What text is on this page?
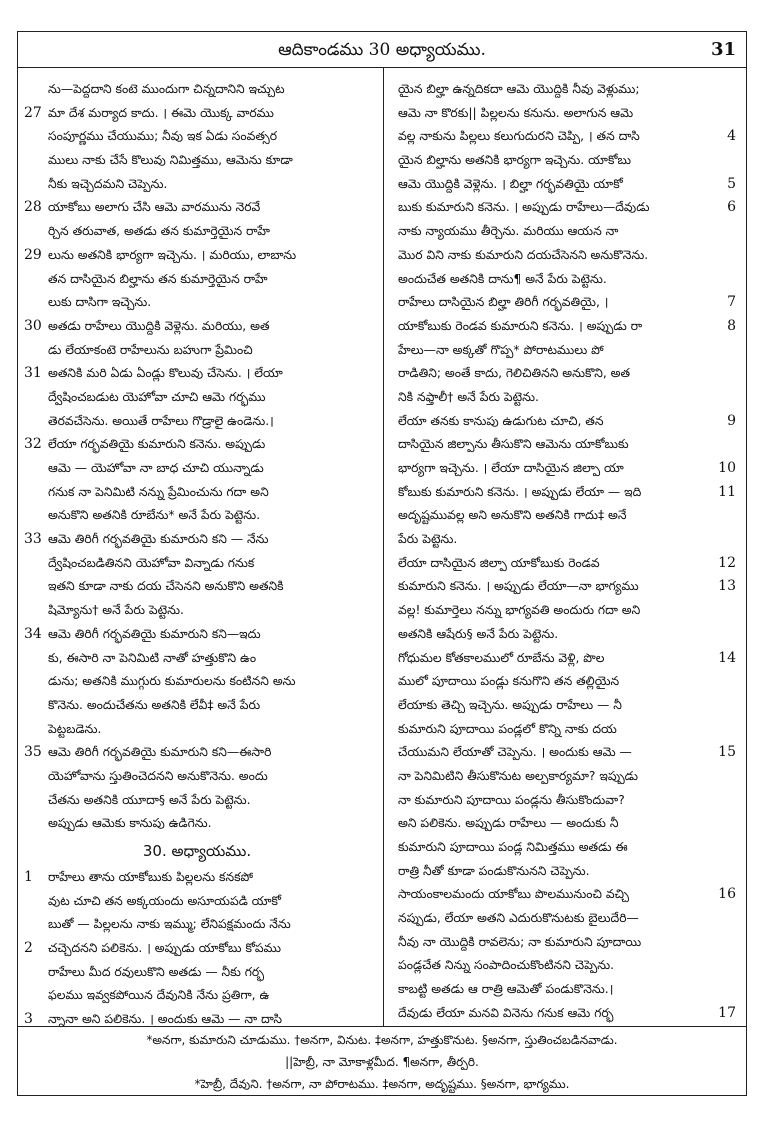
ఆదికాండము 30 అధ్యాయము.	31
ను—పెద్దదాని కంటె ముందుగా చిన్నదానిని ఇచ్చుట
27 మా దేశ మర్యాద కాదు. । ఈమె యొక్క వారము
సంపూర్ణము చేయుము; నీవు ఇక ఏడు సంవత్సర
ములు నాకు చేసే కొలువు నిమిత్తము, ఆమెను కూడా
నీకు ఇచ్చెదమని చెప్పెను.
28 యాకోబు అలాగు చేసి ఆమె వారమును నెరవే
ర్చిన తరువాత, అతడు తన కుమార్తెయైన రాహే
29 లును అతనికి భార్యగా ఇచ్చెను. । మరియు, లాబాను
తన దాసియైన బిల్హాను తన కుమార్తెయైన రాహే
లుకు దాసిగా ఇచ్చెను.
30 అతడు రాహేలు యొద్దికి వెళ్లెను. మరియు, అత
డు లేయాకంటె రాహేలును బహుగా ప్రేమించి
31 అతనికి మరి ఏడు ఏండ్లు కొలువు చేసెను. । లేయా
ద్వేషించబడుట యెహోవా చూచి ఆమె గర్భము
తెరవచేసెను. అయితే రాహేలు గొడ్రాలై ఉండెను.।
32 లేయా గర్భవతియై కుమారుని కనెను. అప్పుడు
ఆమె — యెహోవా నా బాధ చూచి యున్నాడు
గనుక నా పెనిమిటి నన్ను ప్రేమించును గదా అని
అనుకొని అతనికి రూబేను* అనే పేరు పెట్టెను.
33 ఆమె తిరిగీ గర్భవతియై కుమారుని కని — నేను
ద్వేషించబడితినని యెహోవా విన్నాడు గనుక
ఇతని కూడా నాకు దయ చేసెనని అనుకొని అతనికి
షిమ్యోను† అనే పేరు పెట్టెను.
34 ఆమె తిరిగీ గర్భవతియై కుమారుని కని—ఇదు
కు, ఈసారి నా పెనిమిటి నాతో హత్తుకొని ఉం
డును; అతనికి ముగ్గురు కుమారులను కంటినని అను
కొనెను. అందుచేతను అతనికి లేవీ‡ అనే పేరు
పెట్టబడెను.
35 ఆమె తిరిగీ గర్భవతియై కుమారుని కని—ఈసారి
యెహోవాను స్తుతించెదనని అనుకొనెను. అందు
చేతను అతనికి యూదా§ అనే పేరు పెట్టెను.
అప్పుడు ఆమెకు కానుపు ఉడిగెను.
30. అధ్యాయము.
1	రాహేలు తాను యాకోబుకు పిల్లలను కనకపో
వుట చూచి తన అక్కయందు అసూయపడి యాకో
బుతో — పిల్లలను నాకు ఇమ్ము; లేనిపక్షమందు నేను
2	చచ్చెదనని పలికెను. । అప్పుడు యాకోబు కోపము
రాహేలు మీద రవులుకొని అతడు — నీకు గర్భ
ఫలము ఇవ్వకపోయిన దేవునికి నేను ప్రతిగా, ఉ
3	న్నానా అని పలికెను. । అందుకు ఆమె — నా దాసి
యైన బిల్హా ఉన్నదికదా ఆమె యొద్దికి నీవు వెళ్లుము;
ఆమె నా కొరకు|| పిల్లలను కనును. అలాగున ఆమె
4
వల్ల నాకును పిల్లలు కలుగుదురని చెప్పి, । తన దాసి
యైన బిల్హాను అతనికి భార్యగా ఇచ్చెను. యాకోబు
5
ఆమె యొద్దికి వెళ్లెను. । బిల్హా గర్భవతియై యాకో
6
బుకు కుమారుని కనెను. । అప్పుడు రాహేలు—దేవుడు
నాకు న్యాయము తీర్చెను. మరియు ఆయన నా
మొర విని నాకు కుమారుని దయచేసెనని అనుకొనెను.
అందుచేత అతనికి దాను¶ అనే పేరు పెట్టెను.
7
రాహేలు దాసియైన బిల్హా తిరిగీ గర్భవతియై, ।
8
యాకోబుకు రెండవ కుమారుని కనెను. । అప్పుడు రా
హేలు—నా అక్కతో గొప్ప* పోరాటములు పో
రాడితిని; అంతే కాదు, గెలిచితినని అనుకొని, అత
నికి నఫ్తాలీ† అనే పేరు పెట్టెను.
9
లేయా తనకు కానుపు ఉడుగుట చూచి, తన
దాసియైన జిల్పాను తీసుకొని ఆమెను యాకోబుకు
10
భార్యగా ఇచ్చెను. । లేయా దాసియైన జిల్పా యా
11
కోబుకు కుమారుని కనెను. । అప్పుడు లేయా — ఇది
అదృష్టమువల్ల అని అనుకొని అతనికి గాదు‡ అనే
పేరు పెట్టెను.
12
లేయా దాసియైన జిల్పా యాకోబుకు రెండవ
13
కుమారుని కనెను. । అప్పుడు లేయా—నా భాగ్యము
వల్ల! కుమార్తెలు నన్ను భాగ్యవతి అందురు గదా అని
అతనికి ఆషేరు§ అనే పేరు పెట్టెను.
14
గోధుమల కోతకాలములో రూబేను వెళ్లి, పొల
ములో పూదాయి పండ్లు కనుగొని తన తల్లియైన
లేయాకు తెచ్చి ఇచ్చెను. అప్పుడు రాహేలు — నీ
కుమారుని పూదాయి పండ్లలో కొన్ని నాకు దయ
15
చేయుమని లేయాతో చెప్పెను. । అందుకు ఆమె —
నా పెనిమిటిని తీసుకొనుట అల్పకార్యమా? ఇప్పుడు
నా కుమారుని పూదాయి పండ్లను తీసుకొందువా?
అని పలికెను. అప్పుడు రాహేలు — అందుకు నీ
కుమారుని పూదాయి పండ్ల నిమిత్తము అతడు ఈ
రాత్రి నీతో కూడా పండుకొనునని చెప్పెను.
16
సాయంకాలమందు యాకోబు పొలమునుంచి వచ్చి
నప్పుడు, లేయా అతని ఎదురుకొనుటకు బైలుదేరి—
నీవు నా యొద్దికి రావలెను; నా కుమారుని పూదాయి
పండ్లచేత నిన్ను సంపాదించుకొంటినని చెప్పెను.
కాబట్టి అతడు ఆ రాత్రి ఆమెతో పండుకొనెను.।
17
దేవుడు లేయా మనవి వినెను గనుక ఆమె గర్భ
*అనగా, కుమారుని చూడుము. †అనగా, వినుట. ‡అనగా, హత్తుకొనుట. §అనగా, స్తుతించబడినవాడు.
||హెబ్రీ, నా మోకాళ్లమీద. ¶అనగా, తీర్పరి.
*హెబ్రీ, దేవుని. †అనగా, నా పోరాటము. ‡అనగా, అదృష్టము. §అనగా, భాగ్యము.
